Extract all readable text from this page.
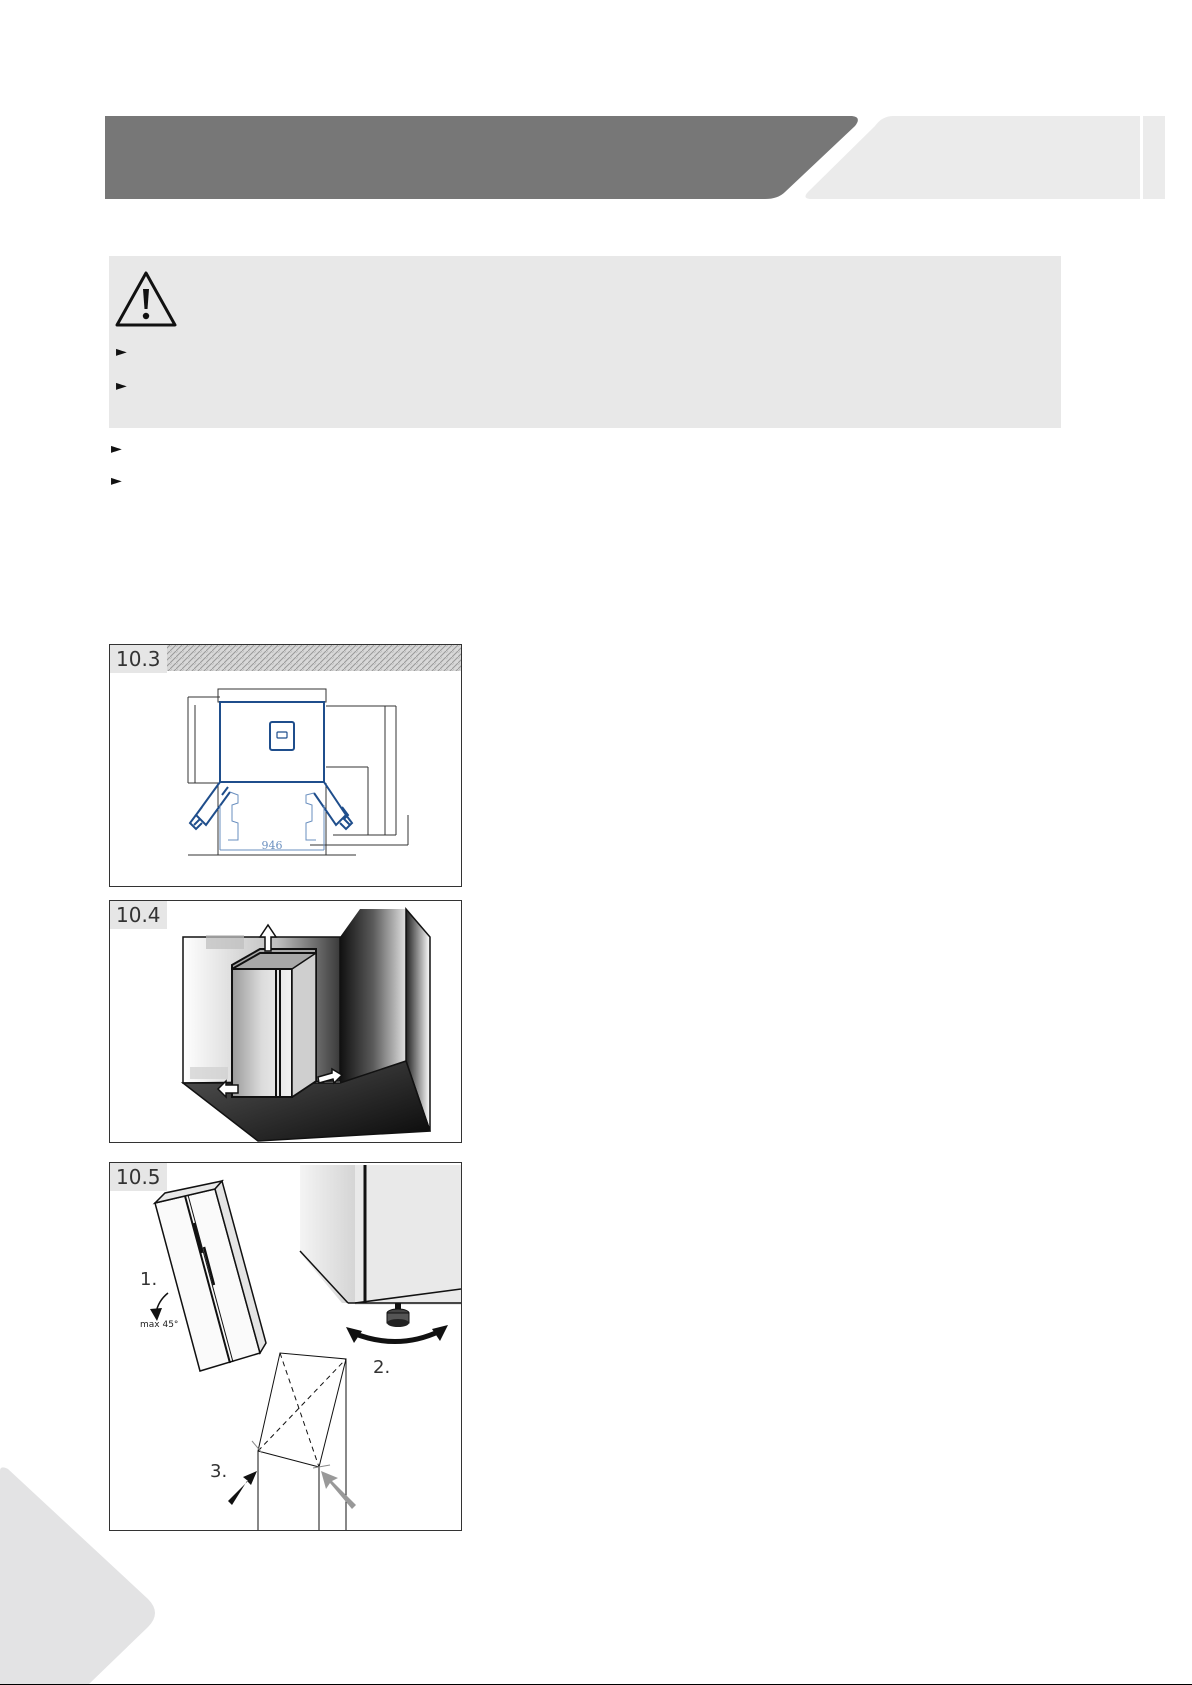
►
►
►
►
10.3
946
10.4
10.5
1.
max 45°
2.
3.
